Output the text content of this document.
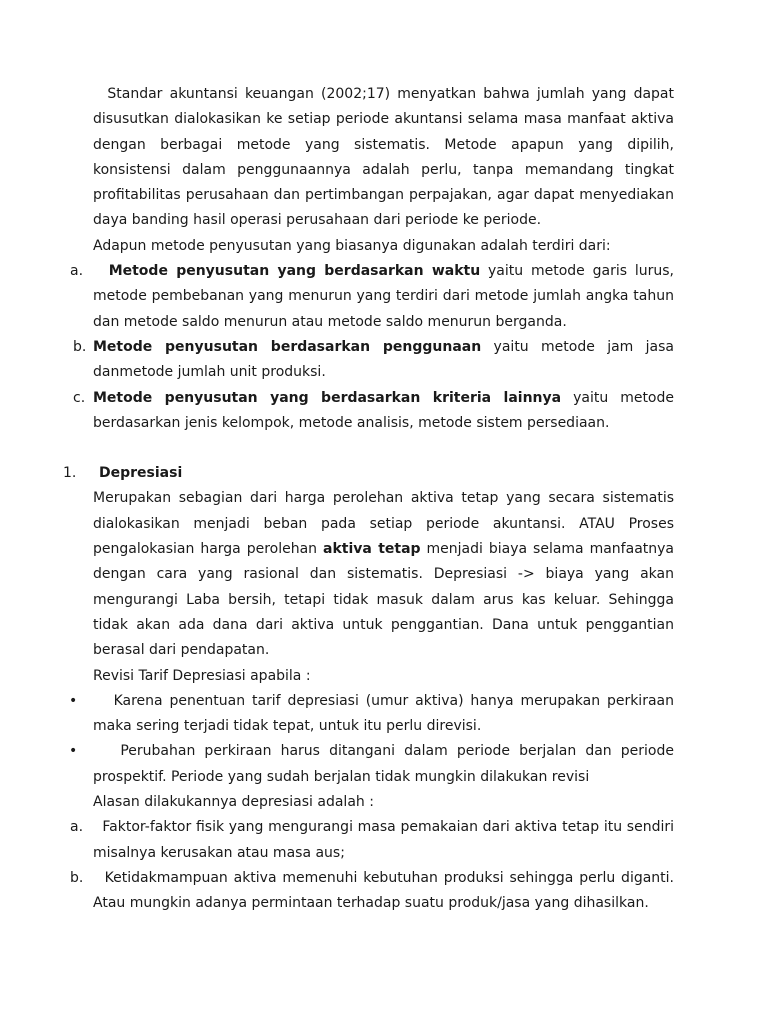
Standar akuntansi keuangan (2002;17) menyatkan bahwa jumlah yang dapat disusutkan dialokasikan ke setiap periode akuntansi selama masa manfaat aktiva dengan berbagai metode yang sistematis. Metode apapun yang dipilih, konsistensi dalam penggunaannya adalah perlu, tanpa memandang tingkat profitabilitas perusahaan dan pertimbangan perpajakan, agar dapat menyediakan daya banding hasil operasi perusahaan dari periode ke periode.

Adapun metode penyusutan yang biasanya digunakan adalah terdiri dari:

a.	Metode penyusutan yang berdasarkan waktu yaitu metode garis lurus, metode pembebanan yang menurun yang terdiri dari metode jumlah angka tahun dan metode saldo menurun atau metode saldo menurun berganda.

b. Metode penyusutan berdasarkan penggunaan yaitu metode jam jasa danmetode jumlah unit produksi.

c. Metode penyusutan yang berdasarkan kriteria lainnya yaitu metode berdasarkan jenis kelompok, metode analisis, metode sistem persediaan.

1.	Depresiasi

Merupakan sebagian dari harga perolehan aktiva tetap yang secara sistematis dialokasikan menjadi beban pada setiap periode akuntansi. ATAU Proses pengalokasian harga perolehan aktiva tetap menjadi biaya selama manfaatnya dengan cara yang rasional dan sistematis. Depresiasi -> biaya yang akan mengurangi Laba bersih, tetapi tidak masuk dalam arus kas keluar. Sehingga tidak akan ada dana dari aktiva untuk penggantian. Dana untuk penggantian berasal dari pendapatan.

Revisi Tarif Depresiasi apabila :

•	Karena penentuan tarif depresiasi (umur aktiva) hanya merupakan perkiraan maka sering terjadi tidak tepat, untuk itu perlu direvisi.

•	Perubahan perkiraan harus ditangani dalam periode berjalan dan periode prospektif. Periode yang sudah berjalan tidak mungkin dilakukan revisi

Alasan dilakukannya depresiasi adalah :

a.	Faktor-faktor fisik yang mengurangi masa pemakaian dari aktiva tetap itu sendiri misalnya kerusakan atau masa aus;

b.	Ketidakmampuan aktiva memenuhi kebutuhan produksi sehingga perlu diganti. Atau mungkin adanya permintaan terhadap suatu produk/jasa yang dihasilkan.
